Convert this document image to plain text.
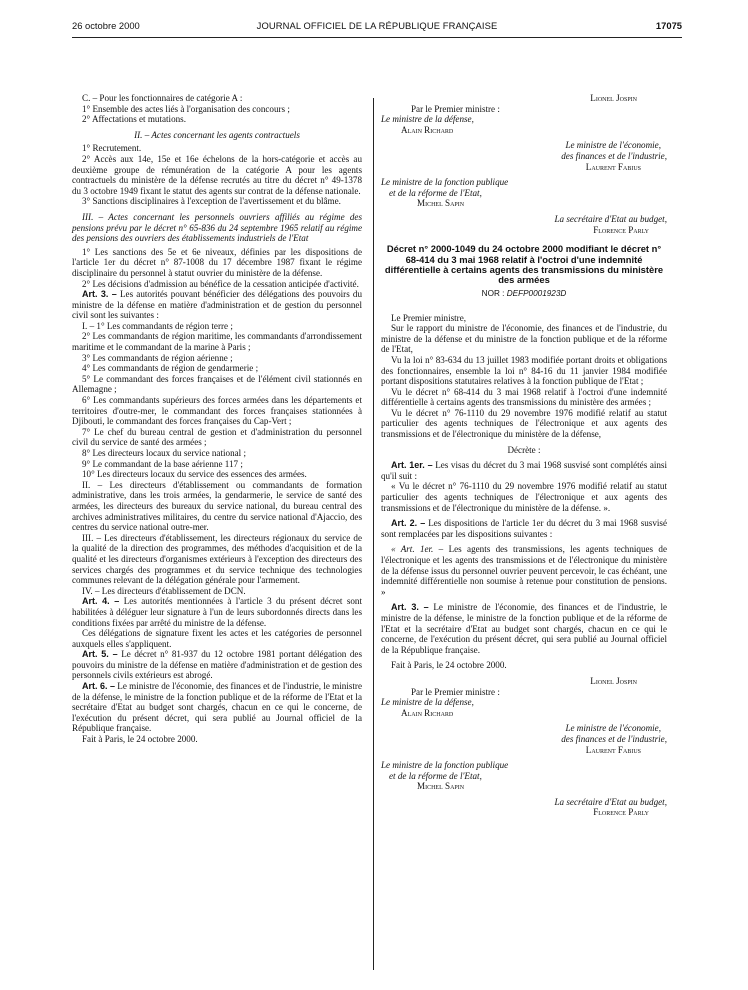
26 octobre 2000	JOURNAL OFFICIEL DE LA RÉPUBLIQUE FRANÇAISE	17075

C. – Pour les fonctionnaires de catégorie A :

1° Ensemble des actes liés à l'organisation des concours ;

2° Affectations et mutations.

II. – Actes concernant les agents contractuels

1° Recrutement.

2° Accès aux 14e, 15e et 16e échelons de la hors-catégorie et accès au deuxième groupe de rémunération de la catégorie A pour les agents contractuels du ministère de la défense recrutés au titre du décret n° 49-1378 du 3 octobre 1949 fixant le statut des agents sur contrat de la défense nationale.

3° Sanctions disciplinaires à l'exception de l'avertissement et du blâme.

III. – Actes concernant les personnels ouvriers affiliés au régime des pensions prévu par le décret n° 65-836 du 24 septembre 1965 relatif au régime des pensions des ouvriers des établissements industriels de l'Etat

1° Les sanctions des 5e et 6e niveaux, définies par les dispositions de l'article 1er du décret n° 87-1008 du 17 décembre 1987 fixant le régime disciplinaire du personnel à statut ouvrier du ministère de la défense.

2° Les décisions d'admission au bénéfice de la cessation anticipée d'activité.

Art. 3. – Les autorités pouvant bénéficier des délégations des pouvoirs du ministre de la défense en matière d'administration et de gestion du personnel civil sont les suivantes :

I. – 1° Les commandants de région terre ;

2° Les commandants de région maritime, les commandants d'arrondissement maritime et le commandant de la marine à Paris ;

3° Les commandants de région aérienne ;

4° Les commandants de région de gendarmerie ;

5° Le commandant des forces françaises et de l'élément civil stationnés en Allemagne ;

6° Les commandants supérieurs des forces armées dans les départements et territoires d'outre-mer, le commandant des forces françaises stationnées à Djibouti, le commandant des forces françaises du Cap-Vert ;

7° Le chef du bureau central de gestion et d'administration du personnel civil du service de santé des armées ;

8° Les directeurs locaux du service national ;

9° Le commandant de la base aérienne 117 ;

10° Les directeurs locaux du service des essences des armées.

II. – Les directeurs d'établissement ou commandants de formation administrative, dans les trois armées, la gendarmerie, le service de santé des armées, les directeurs des bureaux du service national, du bureau central des archives administratives militaires, du centre du service national d'Ajaccio, des centres du service national outre-mer.

III. – Les directeurs d'établissement, les directeurs régionaux du service de la qualité de la direction des programmes, des méthodes d'acquisition et de la qualité et les directeurs d'organismes extérieurs à l'exception des directeurs des services chargés des programmes et du service technique des technologies communes relevant de la délégation générale pour l'armement.

IV. – Les directeurs d'établissement de DCN.

Art. 4. – Les autorités mentionnées à l'article 3 du présent décret sont habilitées à déléguer leur signature à l'un de leurs subordonnés directs dans les conditions fixées par arrêté du ministre de la défense.

Ces délégations de signature fixent les actes et les catégories de personnel auxquels elles s'appliquent.

Art. 5. – Le décret n° 81-937 du 12 octobre 1981 portant délégation des pouvoirs du ministre de la défense en matière d'administration et de gestion des personnels civils extérieurs est abrogé.

Art. 6. – Le ministre de l'économie, des finances et de l'industrie, le ministre de la défense, le ministre de la fonction publique et de la réforme de l'Etat et la secrétaire d'Etat au budget sont chargés, chacun en ce qui le concerne, de l'exécution du présent décret, qui sera publié au Journal officiel de la République française.

Fait à Paris, le 24 octobre 2000.

Lionel Jospin

Par le Premier ministre :

Le ministre de la défense,

Alain Richard

Le ministre de l'économie,

des finances et de l'industrie,

Laurent Fabius

Le ministre de la fonction publique

et de la réforme de l'Etat,

Michel Sapin

La secrétaire d'Etat au budget,

Florence Parly

Décret n° 2000-1049 du 24 octobre 2000 modifiant le décret n° 68-414 du 3 mai 1968 relatif à l'octroi d'une indemnité différentielle à certains agents des transmissions du ministère des armées

NOR : DEFP0001923D

Le Premier ministre,

Sur le rapport du ministre de l'économie, des finances et de l'industrie, du ministre de la défense et du ministre de la fonction publique et de la réforme de l'Etat,

Vu la loi n° 83-634 du 13 juillet 1983 modifiée portant droits et obligations des fonctionnaires, ensemble la loi n° 84-16 du 11 janvier 1984 modifiée portant dispositions statutaires relatives à la fonction publique de l'Etat ;

Vu le décret n° 68-414 du 3 mai 1968 relatif à l'octroi d'une indemnité différentielle à certains agents des transmissions du ministère des armées ;

Vu le décret n° 76-1110 du 29 novembre 1976 modifié relatif au statut particulier des agents techniques de l'électronique et aux agents des transmissions et de l'électronique du ministère de la défense,

Décrète :

Art. 1er. – Les visas du décret du 3 mai 1968 susvisé sont complétés ainsi qu'il suit :

« Vu le décret n° 76-1110 du 29 novembre 1976 modifié relatif au statut particulier des agents techniques de l'électronique et aux agents des transmissions et de l'électronique du ministère de la défense. ».

Art. 2. – Les dispositions de l'article 1er du décret du 3 mai 1968 susvisé sont remplacées par les dispositions suivantes :

« Art. 1er. – Les agents des transmissions, les agents techniques de l'électronique et les agents des transmissions et de l'électronique du ministère de la défense issus du personnel ouvrier peuvent percevoir, le cas échéant, une indemnité différentielle non soumise à retenue pour constitution de pensions. »

Art. 3. – Le ministre de l'économie, des finances et de l'industrie, le ministre de la défense, le ministre de la fonction publique et de la réforme de l'Etat et la secrétaire d'Etat au budget sont chargés, chacun en ce qui le concerne, de l'exécution du présent décret, qui sera publié au Journal officiel de la République française.

Fait à Paris, le 24 octobre 2000.

Lionel Jospin

Par le Premier ministre :

Le ministre de la défense,

Alain Richard

Le ministre de l'économie,

des finances et de l'industrie,

Laurent Fabius

Le ministre de la fonction publique

et de la réforme de l'Etat,

Michel Sapin

La secrétaire d'Etat au budget,

Florence Parly
